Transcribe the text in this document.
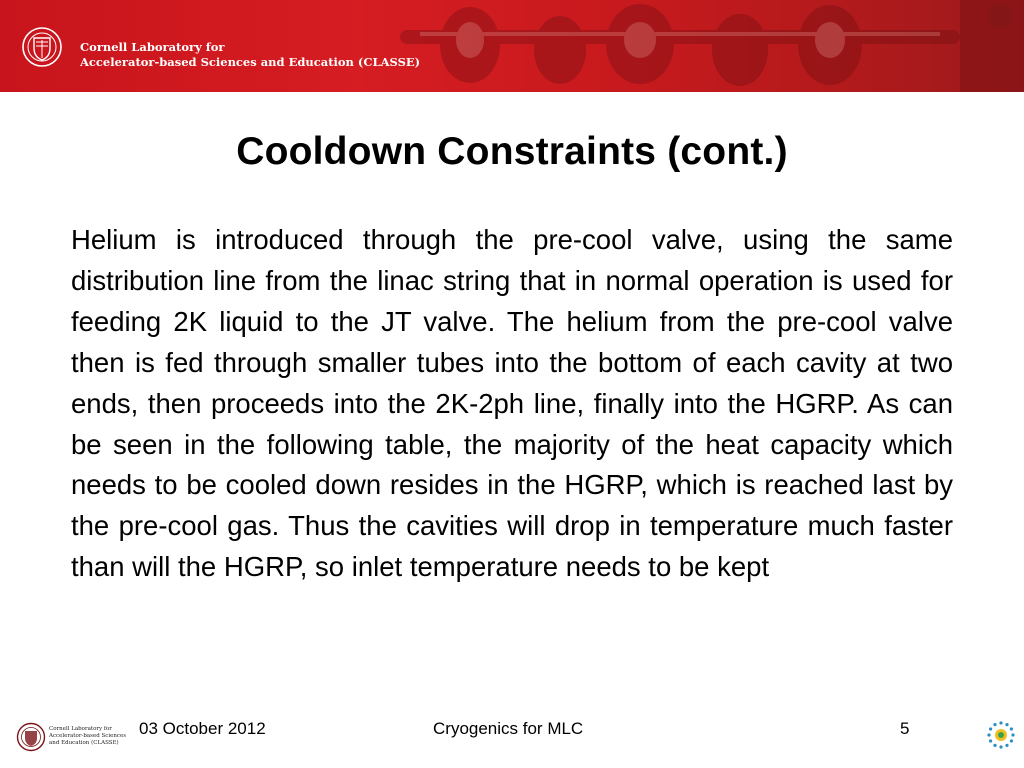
Cornell Laboratory for
Accelerator-based Sciences and Education (CLASSE)
Cooldown Constraints (cont.)
Helium is introduced through the pre-cool valve, using the same distribution line from the linac string that in normal operation is used for feeding 2K liquid to the JT valve. The helium from the pre-cool valve then is fed through smaller tubes into the bottom of each cavity at two ends, then proceeds into the 2K-2ph line, finally into the HGRP. As can be seen in the following table, the majority of the heat capacity which needs to be cooled down resides in the HGRP, which is reached last by the pre-cool gas. Thus the cavities will drop in temperature much faster than will the HGRP, so inlet temperature needs to be kept
Cornell Laboratory for
Accelerator-based Sciences
and Education (CLASSE)
03 October 2012	Cryogenics for MLC	5
